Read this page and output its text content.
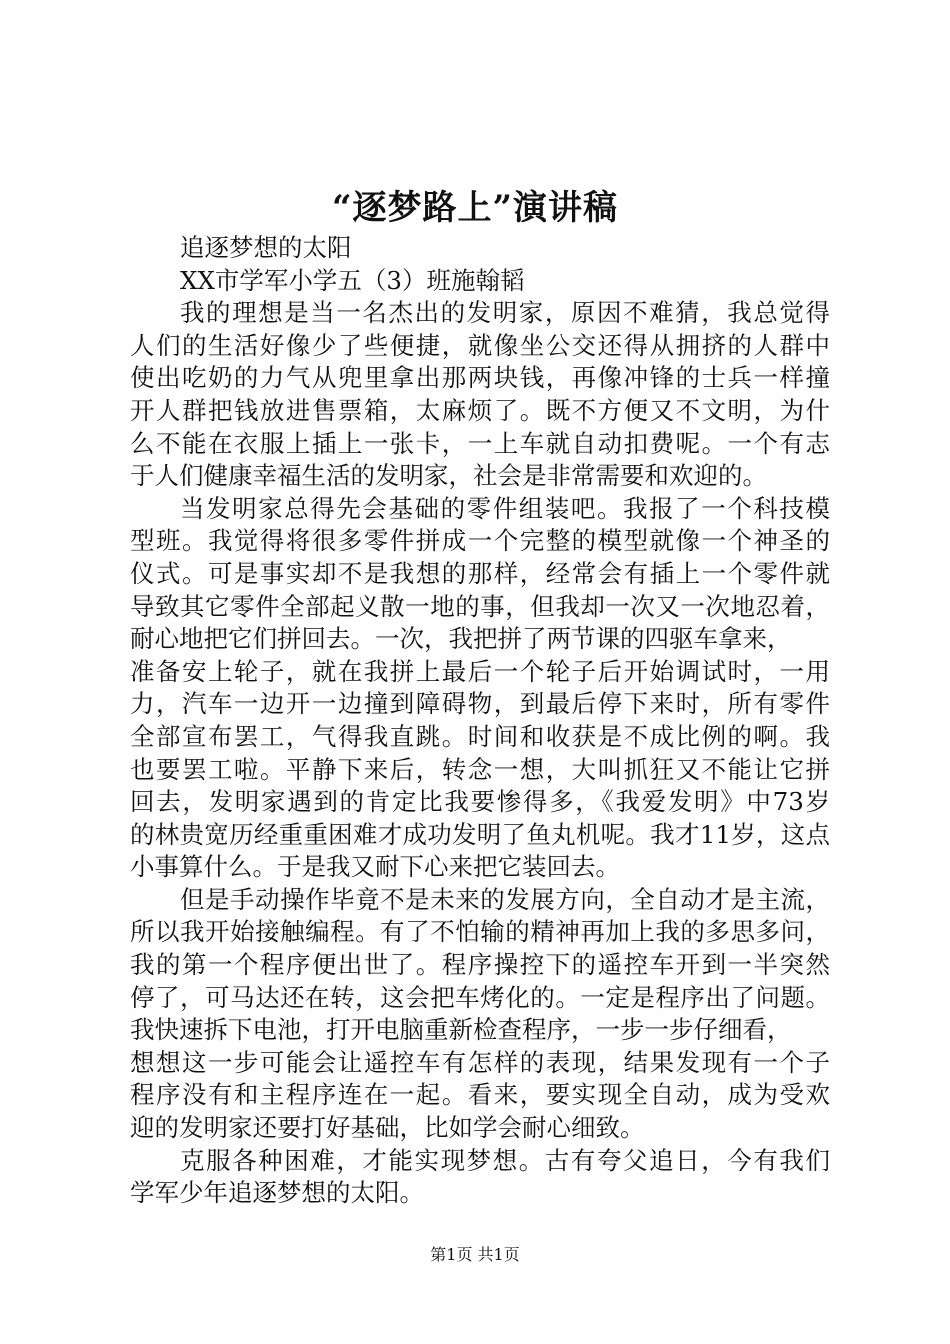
“逐梦路上”演讲稿
追逐梦想的太阳
XX市学军小学五（3）班施翰韬
我的理想是当一名杰出的发明家，原因不难猜，我总觉得
人们的生活好像少了些便捷，就像坐公交还得从拥挤的人群中
使出吃奶的力气从兜里拿出那两块钱，再像冲锋的士兵一样撞
开人群把钱放进售票箱，太麻烦了。既不方便又不文明，为什
么不能在衣服上插上一张卡，一上车就自动扣费呢。一个有志
于人们健康幸福生活的发明家，社会是非常需要和欢迎的。
当发明家总得先会基础的零件组装吧。我报了一个科技模
型班。我觉得将很多零件拼成一个完整的模型就像一个神圣的
仪式。可是事实却不是我想的那样，经常会有插上一个零件就
导致其它零件全部起义散一地的事，但我却一次又一次地忍着，
耐心地把它们拼回去。一次，我把拼了两节课的四驱车拿来，
准备安上轮子，就在我拼上最后一个轮子后开始调试时，一用
力，汽车一边开一边撞到障碍物，到最后停下来时，所有零件
全部宣布罢工，气得我直跳。时间和收获是不成比例的啊。我
也要罢工啦。平静下来后，转念一想，大叫抓狂又不能让它拼
回去，发明家遇到的肯定比我要惨得多，《我爱发明》中73岁
的林贵宽历经重重困难才成功发明了鱼丸机呢。我才11岁，这点
小事算什么。于是我又耐下心来把它装回去。
但是手动操作毕竟不是未来的发展方向，全自动才是主流，
所以我开始接触编程。有了不怕输的精神再加上我的多思多问，
我的第一个程序便出世了。程序操控下的遥控车开到一半突然
停了，可马达还在转，这会把车烤化的。一定是程序出了问题。
我快速拆下电池，打开电脑重新检查程序，一步一步仔细看，
想想这一步可能会让遥控车有怎样的表现，结果发现有一个子
程序没有和主程序连在一起。看来，要实现全自动，成为受欢
迎的发明家还要打好基础，比如学会耐心细致。
克服各种困难，才能实现梦想。古有夸父追日，今有我们
学军少年追逐梦想的太阳。
第1页 共1页
